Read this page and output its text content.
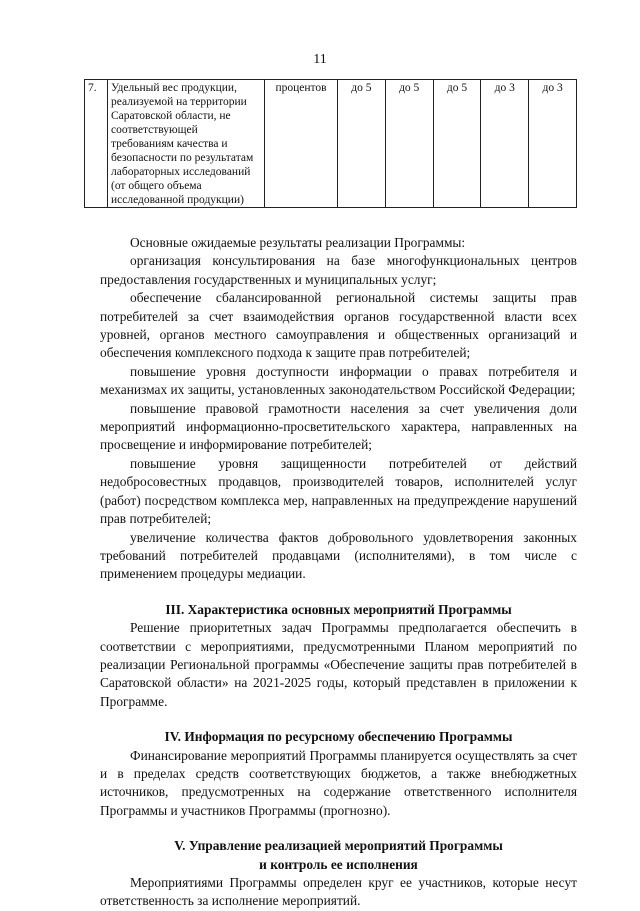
11
7.	Удельный вес продукции, реализуемой на территории Саратовской области, не соответствующей требованиям качества и безопасности по результатам лабораторных исследований (от общего объема исследованной продукции)	процентов	до 5	до 5	до 5	до 3	до 3

Основные ожидаемые результаты реализации Программы:

организация консультирования на базе многофункциональных центров предоставления государственных и муниципальных услуг;

обеспечение сбалансированной региональной системы защиты прав потребителей за счет взаимодействия органов государственной власти всех уровней, органов местного самоуправления и общественных организаций и обеспечения комплексного подхода к защите прав потребителей;

повышение уровня доступности информации о правах потребителя и механизмах их защиты, установленных законодательством Российской Федерации;

повышение правовой грамотности населения за счет увеличения доли мероприятий информационно-просветительского характера, направленных на просвещение и информирование потребителей;

повышение уровня защищенности потребителей от действий недобросовестных продавцов, производителей товаров, исполнителей услуг (работ) посредством комплекса мер, направленных на предупреждение нарушений прав потребителей;

увеличение количества фактов добровольного удовлетворения законных требований потребителей продавцами (исполнителями), в том числе с применением процедуры медиации.

III. Характеристика основных мероприятий Программы

Решение приоритетных задач Программы предполагается обеспечить в соответствии с мероприятиями, предусмотренными Планом мероприятий по реализации Региональной программы «Обеспечение защиты прав потребителей в Саратовской области» на 2021-2025 годы, который представлен в приложении к Программе.

IV. Информация по ресурсному обеспечению Программы

Финансирование мероприятий Программы планируется осуществлять за счет и в пределах средств соответствующих бюджетов, а также внебюджетных источников, предусмотренных на содержание ответственного исполнителя Программы и участников Программы (прогнозно).

V. Управление реализацией мероприятий Программы
и контроль ее исполнения

Мероприятиями Программы определен круг ее участников, которые несут ответственность за исполнение мероприятий.
